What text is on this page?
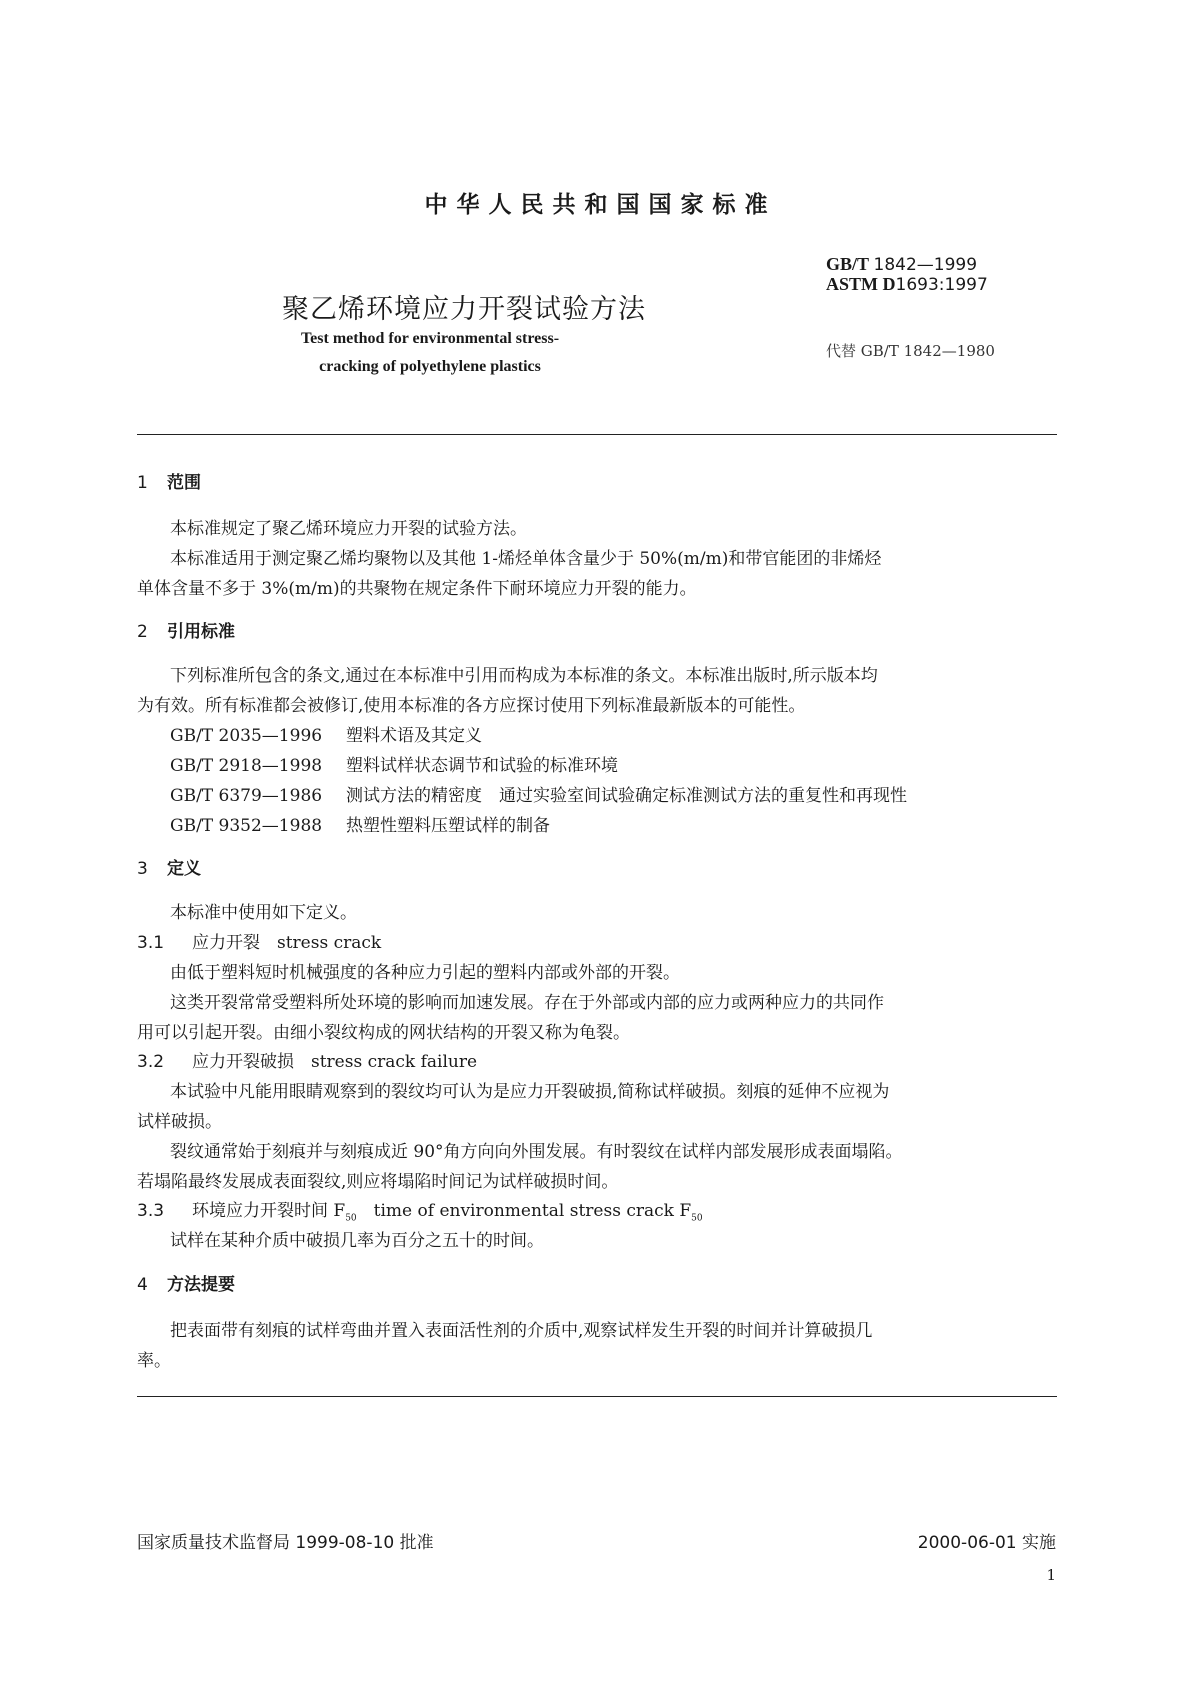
中华人民共和国国家标准
聚乙烯环境应力开裂试验方法
Test method for environmental stress-
cracking of polyethylene plastics
GB/T 1842—1999
ASTM D1693:1997
代替 GB/T 1842—1980
1 范围
本标准规定了聚乙烯环境应力开裂的试验方法。
本标准适用于测定聚乙烯均聚物以及其他 1-烯烃单体含量少于 50%(m/m)和带官能团的非烯烃
单体含量不多于 3%(m/m)的共聚物在规定条件下耐环境应力开裂的能力。
2 引用标准
下列标准所包含的条文,通过在本标准中引用而构成为本标准的条文。本标准出版时,所示版本均
为有效。所有标准都会被修订,使用本标准的各方应探讨使用下列标准最新版本的可能性。
GB/T 2035—1996 塑料术语及其定义
GB/T 2918—1998 塑料试样状态调节和试验的标准环境
GB/T 6379—1986 测试方法的精密度　通过实验室间试验确定标准测试方法的重复性和再现性
GB/T 9352—1988 热塑性塑料压塑试样的制备
3 定义
本标准中使用如下定义。
3.1 应力开裂　stress crack
由低于塑料短时机械强度的各种应力引起的塑料内部或外部的开裂。
这类开裂常常受塑料所处环境的影响而加速发展。存在于外部或内部的应力或两种应力的共同作
用可以引起开裂。由细小裂纹构成的网状结构的开裂又称为龟裂。
3.2 应力开裂破损　stress crack failure
本试验中凡能用眼睛观察到的裂纹均可认为是应力开裂破损,简称试样破损。刻痕的延伸不应视为
试样破损。
裂纹通常始于刻痕并与刻痕成近 90°角方向向外围发展。有时裂纹在试样内部发展形成表面塌陷。
若塌陷最终发展成表面裂纹,则应将塌陷时间记为试样破损时间。
3.3 环境应力开裂时间 $F_{50}$　time of environmental stress crack $F_{50}$
试样在某种介质中破损几率为百分之五十的时间。
4 方法提要
把表面带有刻痕的试样弯曲并置入表面活性剂的介质中,观察试样发生开裂的时间并计算破损几
率。
国家质量技术监督局 1999-08-10 批准	2000-06-01 实施
1
